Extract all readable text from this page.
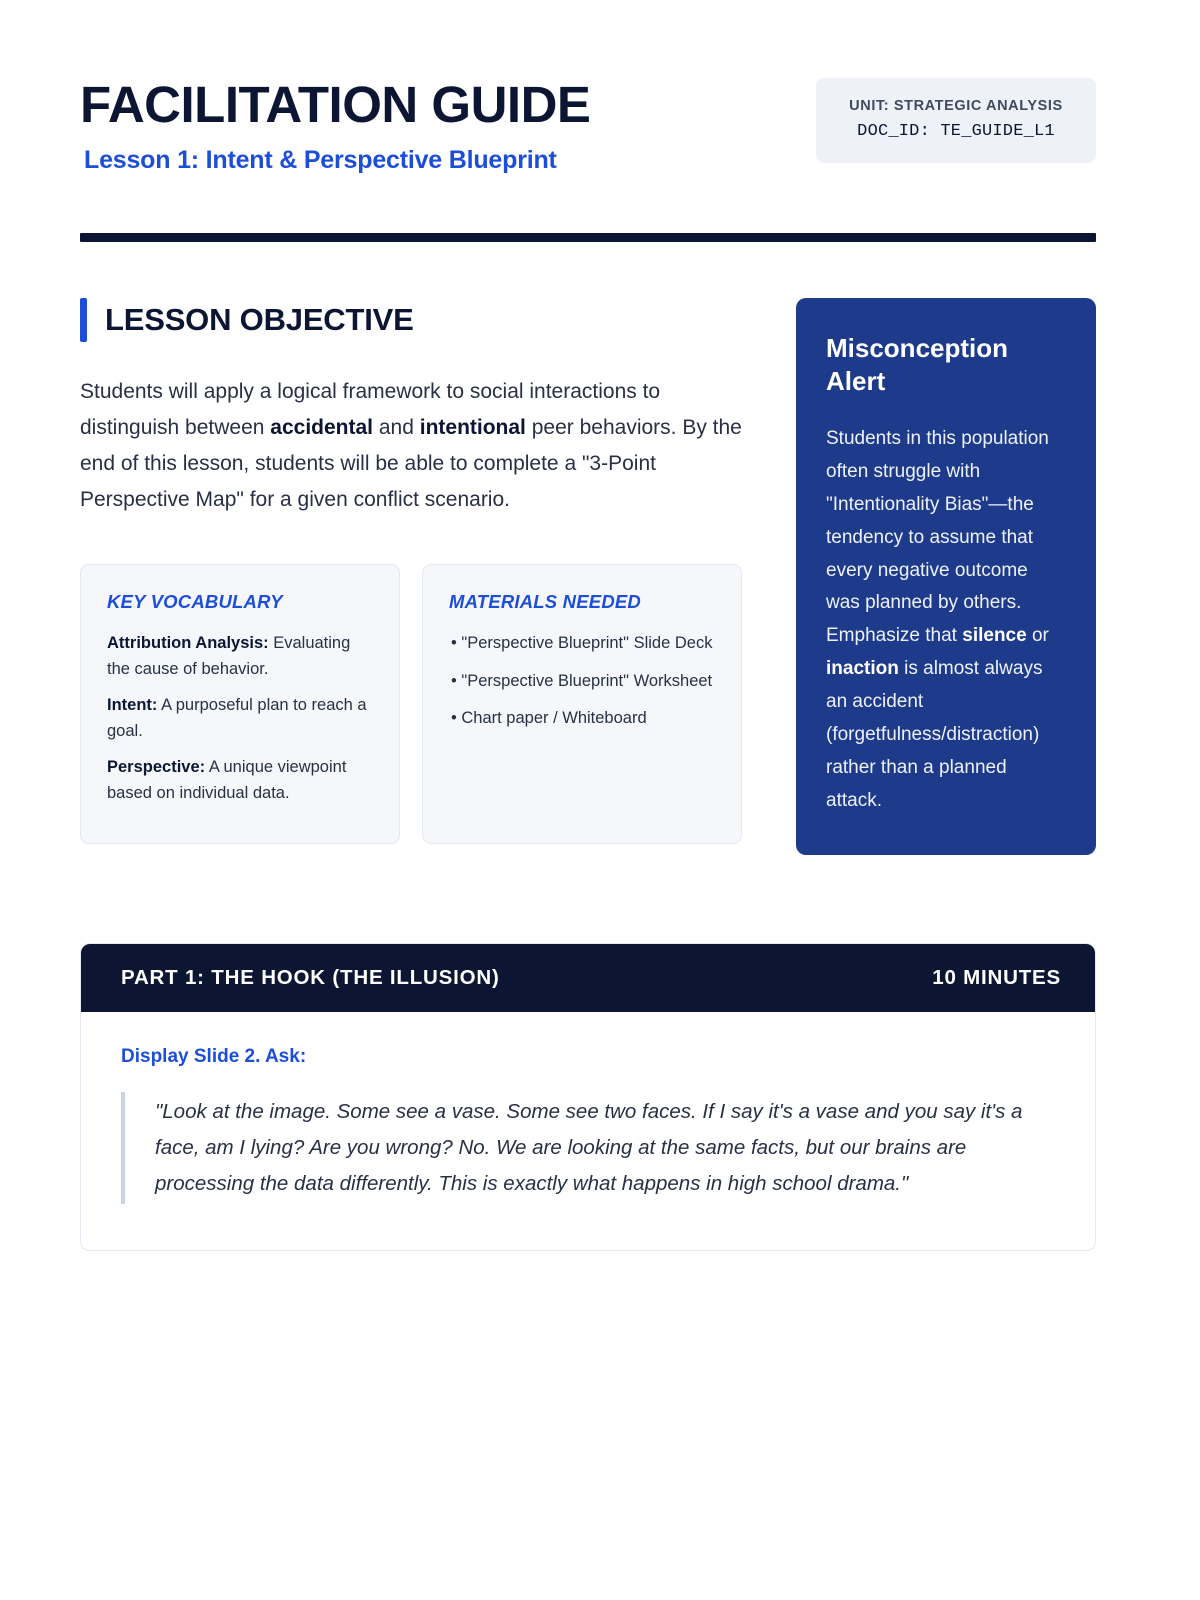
FACILITATION GUIDE
Lesson 1: Intent & Perspective Blueprint
UNIT: STRATEGIC ANALYSIS
DOC_ID: TE_GUIDE_L1
LESSON OBJECTIVE
Students will apply a logical framework to social interactions to distinguish between accidental and intentional peer behaviors. By the end of this lesson, students will be able to complete a "3-Point Perspective Map" for a given conflict scenario.
KEY VOCABULARY
Attribution Analysis: Evaluating the cause of behavior.
Intent: A purposeful plan to reach a goal.
Perspective: A unique viewpoint based on individual data.
MATERIALS NEEDED
• "Perspective Blueprint" Slide Deck
• "Perspective Blueprint" Worksheet
• Chart paper / Whiteboard
Misconception Alert
Students in this population often struggle with "Intentionality Bias"—the tendency to assume that every negative outcome was planned by others. Emphasize that silence or inaction is almost always an accident (forgetfulness/distraction) rather than a planned attack.
PART 1: THE HOOK (THE ILLUSION)	10 MINUTES
Display Slide 2. Ask:
"Look at the image. Some see a vase. Some see two faces. If I say it's a vase and you say it's a face, am I lying? Are you wrong? No. We are looking at the same facts, but our brains are processing the data differently. This is exactly what happens in high school drama."
